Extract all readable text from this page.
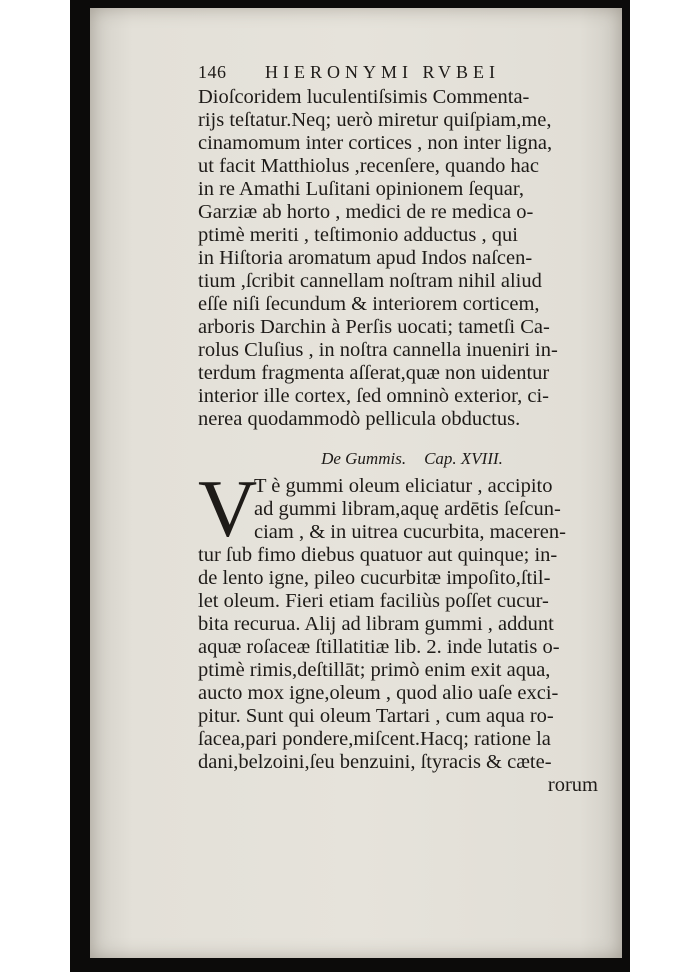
146 HIERONYMI RVBEI
Dioſcoridem luculentiſsimis Commenta-
rijs teſtatur.Neq; uerò miretur quiſpiam,me,
cinamomum inter cortices , non inter ligna,
ut facit Matthiolus ,recenſere, quando hac
in re Amathi Luſitani opinionem ſequar,
Garziæ ab horto , medici de re medica o-
ptimè meriti , teſtimonio adductus , qui
in Hiſtoria aromatum apud Indos naſcen-
tium ,ſcribit cannellam noſtram nihil aliud
eſſe niſi ſecundum & interiorem corticem,
arboris Darchin à Perſis uocati; tametſi Ca-
rolus Cluſius , in noſtra cannella inueniri in-
terdum fragmenta aſſerat,quæ non uidentur
interior ille cortex, ſed omninò exterior, ci-
nerea quodammodò pellicula obductus.
De Gummis. Cap. XVIII.
V
T è gummi oleum eliciatur , accipito
ad gummi libram,aquę ardētis ſeſcun-
ciam , & in uitrea cucurbita, maceren-
tur ſub fimo diebus quatuor aut quinque; in-
de lento igne, pileo cucurbitæ impoſito,ſtil-
let oleum. Fieri etiam faciliùs poſſet cucur-
bita recurua. Alij ad libram gummi , addunt
aquæ roſaceæ ſtillatitiæ lib. 2. inde lutatis o-
ptimè rimis,deſtillāt; primò enim exit aqua,
aucto mox igne,oleum , quod alio uaſe exci-
pitur. Sunt qui oleum Tartari , cum aqua ro-
ſacea,pari pondere,miſcent.Hacq; ratione la
dani,belzoini,ſeu benzuini, ſtyracis & cæte-
rorum
